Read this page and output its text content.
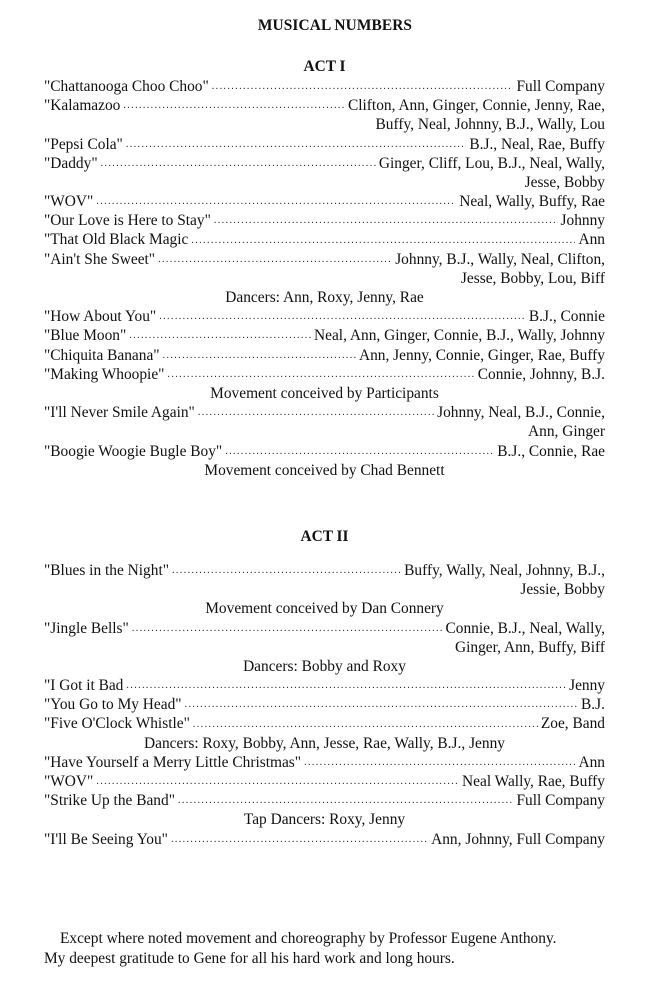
MUSICAL NUMBERS
ACT I
"Chattanooga Choo Choo" .....	Full Company
"Kalamazoo .....	Clifton, Ann, Ginger, Connie, Jenny, Rae,
Buffy, Neal, Johnny, B.J., Wally, Lou
"Pepsi Cola" .....	B.J., Neal, Rae, Buffy
"Daddy" .....	Ginger, Cliff, Lou, B.J., Neal, Wally,
Jesse, Bobby
"WOV" .....	Neal, Wally, Buffy, Rae
"Our Love is Here to Stay" .....	Johnny
"That Old Black Magic .....	Ann
"Ain't She Sweet" .....	Johnny, B.J., Wally, Neal, Clifton,
Jesse, Bobby, Lou, Biff
Dancers: Ann, Roxy, Jenny, Rae
"How About You" .....	B.J., Connie
"Blue Moon" .....	Neal, Ann, Ginger, Connie, B.J., Wally, Johnny
"Chiquita Banana" .....	Ann, Jenny, Connie, Ginger, Rae, Buffy
"Making Whoopie" .....	Connie, Johnny, B.J.
Movement conceived by Participants
"I'll Never Smile Again" .....	Johnny, Neal, B.J., Connie,
Ann, Ginger
"Boogie Woogie Bugle Boy" .....	B.J., Connie, Rae
Movement conceived by Chad Bennett
ACT II
"Blues in the Night" .....	Buffy, Wally, Neal, Johnny, B.J.,
Jessie, Bobby
Movement conceived by Dan Connery
"Jingle Bells" .....	Connie, B.J., Neal, Wally,
Ginger, Ann, Buffy, Biff
Dancers: Bobby and Roxy
"I Got it Bad .....	Jenny
"You Go to My Head" .....	B.J.
"Five O'Clock Whistle" .....	Zoe, Band
Dancers: Roxy, Bobby, Ann, Jesse, Rae, Wally, B.J., Jenny
"Have Yourself a Merry Little Christmas" .....	Ann
"WOV" .....	Neal Wally, Rae, Buffy
"Strike Up the Band" .....	Full Company
Tap Dancers: Roxy, Jenny
"I'll Be Seeing You" .....	Ann, Johnny, Full Company

Except where noted movement and choreography by Professor Eugene Anthony.

My deepest gratitude to Gene for all his hard work and long hours.
